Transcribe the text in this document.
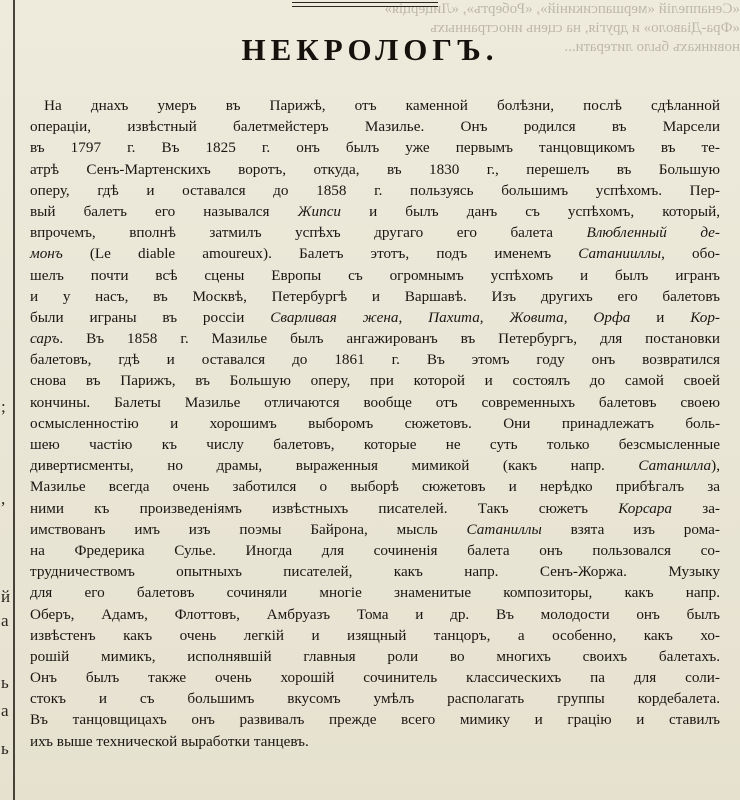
;
,
й
а
ь
а
ь
«Сенаппелій «мершапсикиній», «Робертъ», «Лицерція»
«Фра-Діаволо» и другія, на сцень иностранныхъ
новинкахъ было литерати...
НЕКРОЛОГЪ.
На днахъ умеръ въ Парижѣ, отъ каменной болѣзни, послѣ сдѣланной
операціи, извѣстный балетмейстеръ Мазилье. Онъ родился въ Марсели
въ 1797 г. Въ 1825 г. онъ былъ уже первымъ танцовщикомъ въ те-
атрѣ Сенъ-Мартенскихъ воротъ, откуда, въ 1830 г., перешелъ въ Большую
оперу, гдѣ и оставался до 1858 г. пользуясь большимъ успѣхомъ. Пер-
вый балетъ его назывался Жипси и былъ данъ съ успѣхомъ, который,
впрочемъ, вполнѣ затмилъ успѣхъ другаго его балета Влюбленный де-
монъ (Le diable amoureux). Балетъ этотъ, подъ именемъ Сатанииллы, обо-
шелъ почти всѣ сцены Европы съ огромнымъ успѣхомъ и былъ игранъ
и у насъ, въ Москвѣ, Петербургѣ и Варшавѣ. Изъ другихъ его балетовъ
были играны въ россіи Сварливая жена, Пахита, Жовита, Орфа и Кор-
саръ. Въ 1858 г. Мазилье былъ ангажированъ въ Петербургъ, для постановки
балетовъ, гдѣ и оставался до 1861 г. Въ этомъ году онъ возвратился
снова въ Парижъ, въ Большую оперу, при которой и состоялъ до самой своей
кончины. Балеты Мазилье отличаются вообще отъ современныхъ балетовъ своею
осмысленностію и хорошимъ выборомъ сюжетовъ. Они принадлежатъ боль-
шею частію къ числу балетовъ, которые не суть только безсмысленные
дивертисменты, но драмы, выраженныя мимикой (какъ напр. Сатанилла),
Мазилье всегда очень заботился о выборѣ сюжетовъ и нерѣдко прибѣгалъ за
ними къ произведеніямъ извѣстныхъ писателей. Такъ сюжетъ Корсара за-
имствованъ имъ изъ поэмы Байрона, мысль Сатаниллы взята изъ рома-
на Фредерика Сулье. Иногда для сочиненія балета онъ пользовался со-
трудничествомъ опытныхъ писателей, какъ напр. Сенъ-Жоржа. Музыку
для его балетовъ сочиняли многіе знаменитые композиторы, какъ напр.
Оберъ, Адамъ, Флоттовъ, Амбруазъ Тома и др. Въ молодости онъ былъ
извѣстенъ какъ очень легкій и изящный танцоръ, а особенно, какъ хо-
рошій мимикъ, исполнявшій главныя роли во многихъ своихъ балетахъ.
Онъ былъ также очень хорошій сочинитель классическихъ па для соли-
стокъ и съ большимъ вкусомъ умѣлъ располагать группы кордебалета.
Въ танцовщицахъ онъ развивалъ прежде всего мимику и грацію и ставилъ
ихъ выше технической выработки танцевъ.
